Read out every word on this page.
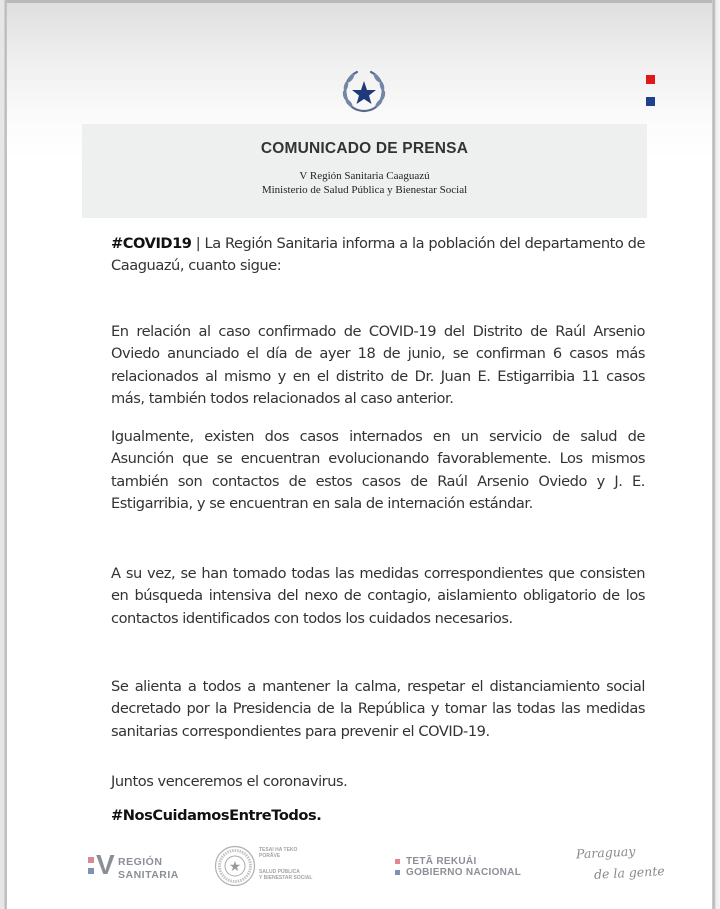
COMUNICADO DE PRENSA
V Región Sanitaria Caaguazú
Ministerio de Salud Pública y Bienestar Social
#COVID19 | La Región Sanitaria informa a la población del departamento de Caaguazú, cuanto sigue:
En relación al caso confirmado de COVID-19 del Distrito de Raúl Arsenio Oviedo anunciado el día de ayer 18 de junio, se confirman 6 casos más relacionados al mismo y en el distrito de Dr. Juan E. Estigarribia 11 casos más, también todos relacionados al caso anterior.
Igualmente, existen dos casos internados en un servicio de salud de Asunción que se encuentran evolucionando favorablemente. Los mismos también son contactos de estos casos de Raúl Arsenio Oviedo y J. E. Estigarribia, y se encuentran en sala de internación estándar.
A su vez, se han tomado todas las medidas correspondientes que consisten en búsqueda intensiva del nexo de contagio, aislamiento obligatorio de los contactos identificados con todos los cuidados necesarios.
Se alienta a todos a mantener la calma, respetar el distanciamiento social decretado por la Presidencia de la República y tomar las todas las medidas sanitarias correspondientes para prevenir el COVID-19.
Juntos venceremos el coronavirus.
#NosCuidamosEntreTodos.
V REGIÓN
SANITARIA
TESAI HA TEKO
PORÃVE

SALUD PÚBLICA
Y BIENESTAR SOCIAL
TETÃ REKUÁI
GOBIERNO NACIONAL
Paraguay
de la gente
